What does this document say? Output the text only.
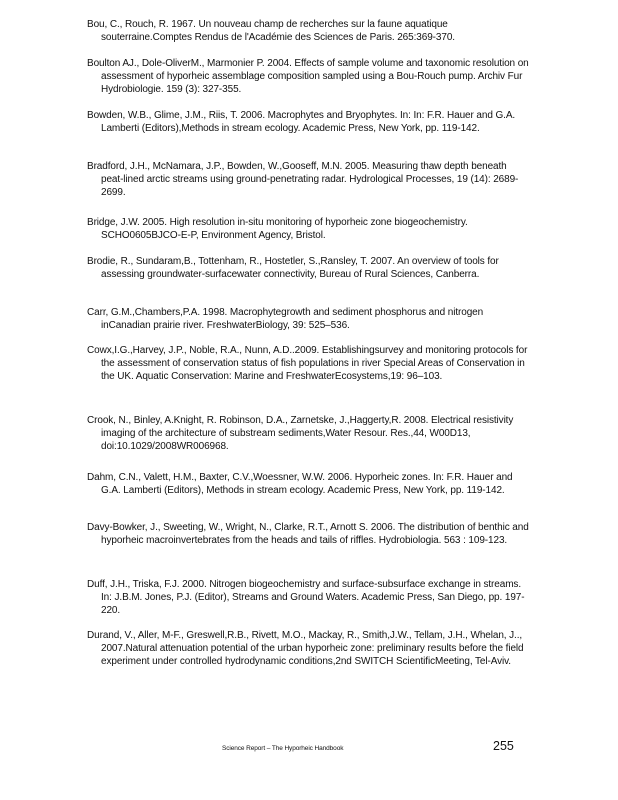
Bou, C., Rouch, R. 1967. Un nouveau champ de recherches sur la faune aquatique souterraine.Comptes Rendus de l'Académie des Sciences de Paris. 265:369-370.

Boulton AJ., Dole-OliverM., Marmonier P. 2004. Effects of sample volume and taxonomic resolution on assessment of hyporheic assemblage composition sampled using a Bou-Rouch pump. Archiv Fur Hydrobiologie. 159 (3): 327-355.

Bowden, W.B., Glime, J.M., Riis, T. 2006. Macrophytes and Bryophytes. In: In: F.R. Hauer and G.A. Lamberti (Editors),Methods in stream ecology. Academic Press, New York, pp. 119-142.

Bradford, J.H., McNamara, J.P., Bowden, W.,Gooseff, M.N. 2005. Measuring thaw depth beneath peat-lined arctic streams using ground-penetrating radar. Hydrological Processes, 19 (14): 2689-2699.

Bridge, J.W. 2005. High resolution in-situ monitoring of hyporheic zone biogeochemistry. SCHO0605BJCO-E-P, Environment Agency, Bristol.

Brodie, R., Sundaram,B., Tottenham, R., Hostetler, S.,Ransley, T. 2007. An overview of tools for assessing groundwater-surfacewater connectivity, Bureau of Rural Sciences, Canberra.

Carr, G.M.,Chambers,P.A. 1998. Macrophytegrowth and sediment phosphorus and nitrogen inCanadian prairie river. FreshwaterBiology, 39: 525–536.

Cowx,I.G.,Harvey, J.P., Noble, R.A., Nunn, A.D..2009. Establishingsurvey and monitoring protocols for the assessment of conservation status of fish populations in river Special Areas of Conservation in the UK. Aquatic Conservation: Marine and FreshwaterEcosystems,19: 96–103.

Crook, N., Binley, A.Knight, R. Robinson, D.A., Zarnetske, J.,Haggerty,R. 2008. Electrical resistivity imaging of the architecture of substream sediments,Water Resour. Res.,44, W00D13, doi:10.1029/2008WR006968.

Dahm, C.N., Valett, H.M., Baxter, C.V.,Woessner, W.W. 2006. Hyporheic zones. In: F.R. Hauer and G.A. Lamberti (Editors), Methods in stream ecology. Academic Press, New York, pp. 119-142.

Davy-Bowker, J., Sweeting, W., Wright, N., Clarke, R.T., Arnott S. 2006. The distribution of benthic and hyporheic macroinvertebrates from the heads and tails of riffles. Hydrobiologia. 563 : 109-123.

Duff, J.H., Triska, F.J. 2000. Nitrogen biogeochemistry and surface-subsurface exchange in streams. In: J.B.M. Jones, P.J. (Editor), Streams and Ground Waters. Academic Press, San Diego, pp. 197-220.

Durand, V., Aller, M-F., Greswell,R.B., Rivett, M.O., Mackay, R., Smith,J.W., Tellam, J.H., Whelan, J.., 2007.Natural attenuation potential of the urban hyporheic zone: preliminary results before the field experiment under controlled hydrodynamic conditions,2nd SWITCH ScientificMeeting, Tel-Aviv.

Science Report – The Hyporheic Handbook	255
